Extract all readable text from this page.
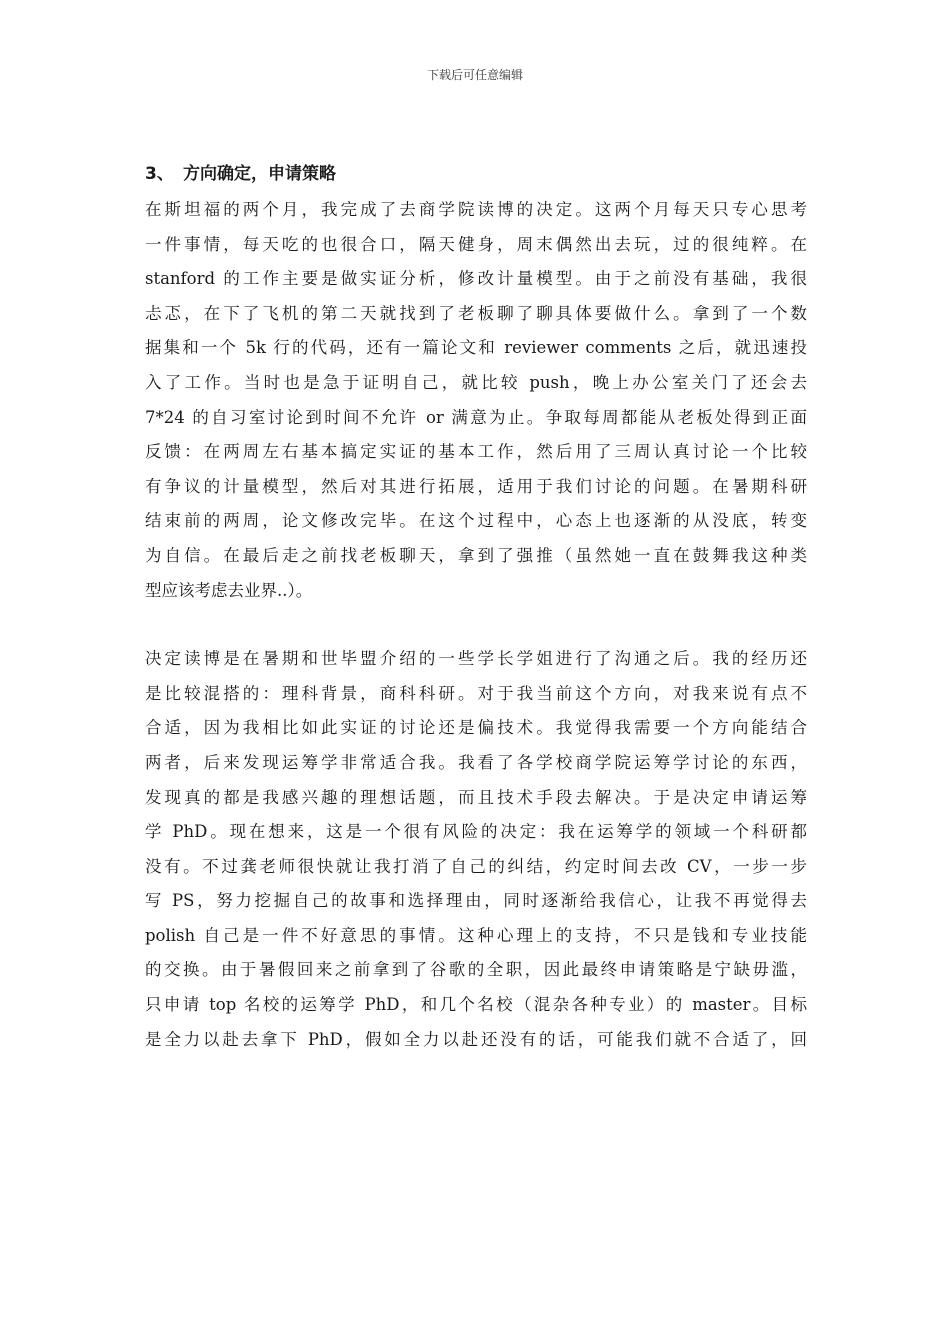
下载后可任意编辑
3、 方向确定，申请策略
在斯坦福的两个月，我完成了去商学院读博的决定。这两个月每天只专心思考
一件事情，每天吃的也很合口，隔天健身，周末偶然出去玩，过的很纯粹。在
stanford 的工作主要是做实证分析，修改计量模型。由于之前没有基础，我很
忐忑，在下了飞机的第二天就找到了老板聊了聊具体要做什么。拿到了一个数
据集和一个 5k 行的代码，还有一篇论文和 reviewer comments 之后，就迅速投
入了工作。当时也是急于证明自己，就比较 push，晚上办公室关门了还会去
7*24 的自习室讨论到时间不允许 or 满意为止。争取每周都能从老板处得到正面
反馈：在两周左右基本搞定实证的基本工作，然后用了三周认真讨论一个比较
有争议的计量模型，然后对其进行拓展，适用于我们讨论的问题。在暑期科研
结束前的两周，论文修改完毕。在这个过程中，心态上也逐渐的从没底，转变
为自信。在最后走之前找老板聊天，拿到了强推（虽然她一直在鼓舞我这种类
型应该考虑去业界..）。
决定读博是在暑期和世毕盟介绍的一些学长学姐进行了沟通之后。我的经历还
是比较混搭的：理科背景，商科科研。对于我当前这个方向，对我来说有点不
合适，因为我相比如此实证的讨论还是偏技术。我觉得我需要一个方向能结合
两者，后来发现运筹学非常适合我。我看了各学校商学院运筹学讨论的东西，
发现真的都是我感兴趣的理想话题，而且技术手段去解决。于是决定申请运筹
学 PhD。现在想来，这是一个很有风险的决定：我在运筹学的领域一个科研都
没有。不过龚老师很快就让我打消了自己的纠结，约定时间去改 CV，一步一步
写 PS，努力挖掘自己的故事和选择理由，同时逐渐给我信心，让我不再觉得去
polish 自己是一件不好意思的事情。这种心理上的支持，不只是钱和专业技能
的交换。由于暑假回来之前拿到了谷歌的全职，因此最终申请策略是宁缺毋滥，
只申请 top 名校的运筹学 PhD，和几个名校（混杂各种专业）的 master。目标
是全力以赴去拿下 PhD，假如全力以赴还没有的话，可能我们就不合适了，回
